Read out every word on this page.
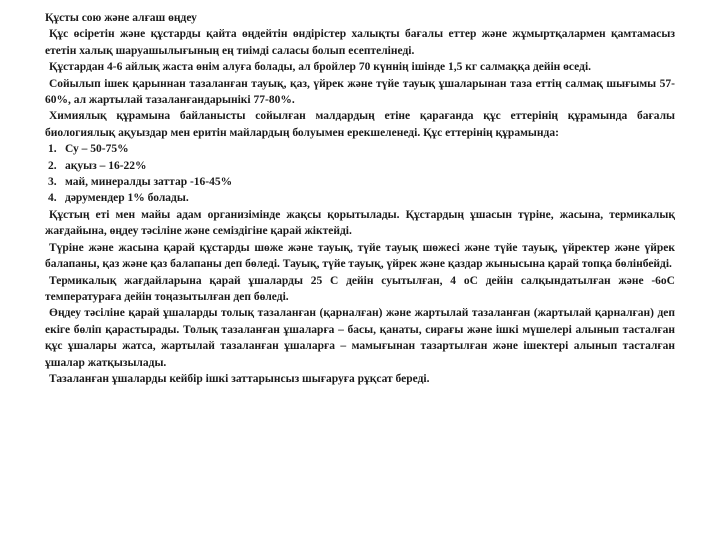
Құсты сою және алғаш өңдеу

Құс өсіретін және құстарды қайта өңдейтін өндірістер халықты бағалы еттер және жұмыртқалармен қамтамасыз ететін халық шаруашылығының ең тиімді саласы болып есептелінеді.

Құстардан 4-6 айлық жаста өнім алуға болады, ал бройлер 70 күннің ішінде 1,5 кг салмаққа дейін өседі.

Сойылып ішек қарыннан тазаланған тауық, қаз, үйрек және түйе тауық ұшаларынан таза еттің салмақ шығымы 57-60%, ал жартылай тазаланғандарынікі 77-80%.

Химиялық құрамына байланысты сойылған малдардың етіне қарағанда құс еттерінің құрамында бағалы биологиялық ақуыздар мен еритін майлардың болуымен ерекшеленеді. Құс еттерінің құрамында:

1. Су – 50-75%
2. ақуыз – 16-22%
3. май, минералды заттар -16-45%
4. дәрумендер 1% болады.

Құстың еті мен майы адам организімінде жақсы қорытылады. Құстардың ұшасын түріне, жасына, термикалық жағдайына, өңдеу тәсіліне және семіздігіне қарай жіктейді.

Түріне және жасына қарай құстарды шөже және тауық, түйе тауық шөжесі және түйе тауық, үйректер және үйрек балапаны, қаз және қаз балапаны деп бөледі. Тауық, түйе тауық, үйрек және қаздар жынысына қарай топқа бөлінбейді.

Термикалық жағдайларына қарай ұшаларды 25 С дейін суытылған, 4 оС дейін салқындатылған және -6оС температураға дейін тоңазытылған деп бөледі.

Өңдеу тәсіліне қарай ұшаларды толық тазаланған (қарналған) және жартылай тазаланған (жартылай қарналған) деп екіге бөліп қарастырады. Толық тазаланған ұшаларға – басы, қанаты, сирағы және ішкі мүшелері алынып тасталған құс ұшалары жатса, жартылай тазаланған ұшаларға – мамығынан тазартылған және ішектері алынып тасталған ұшалар жатқызылады.

Тазаланған ұшаларды кейбір ішкі заттарынсыз шығаруға рұқсат береді.
